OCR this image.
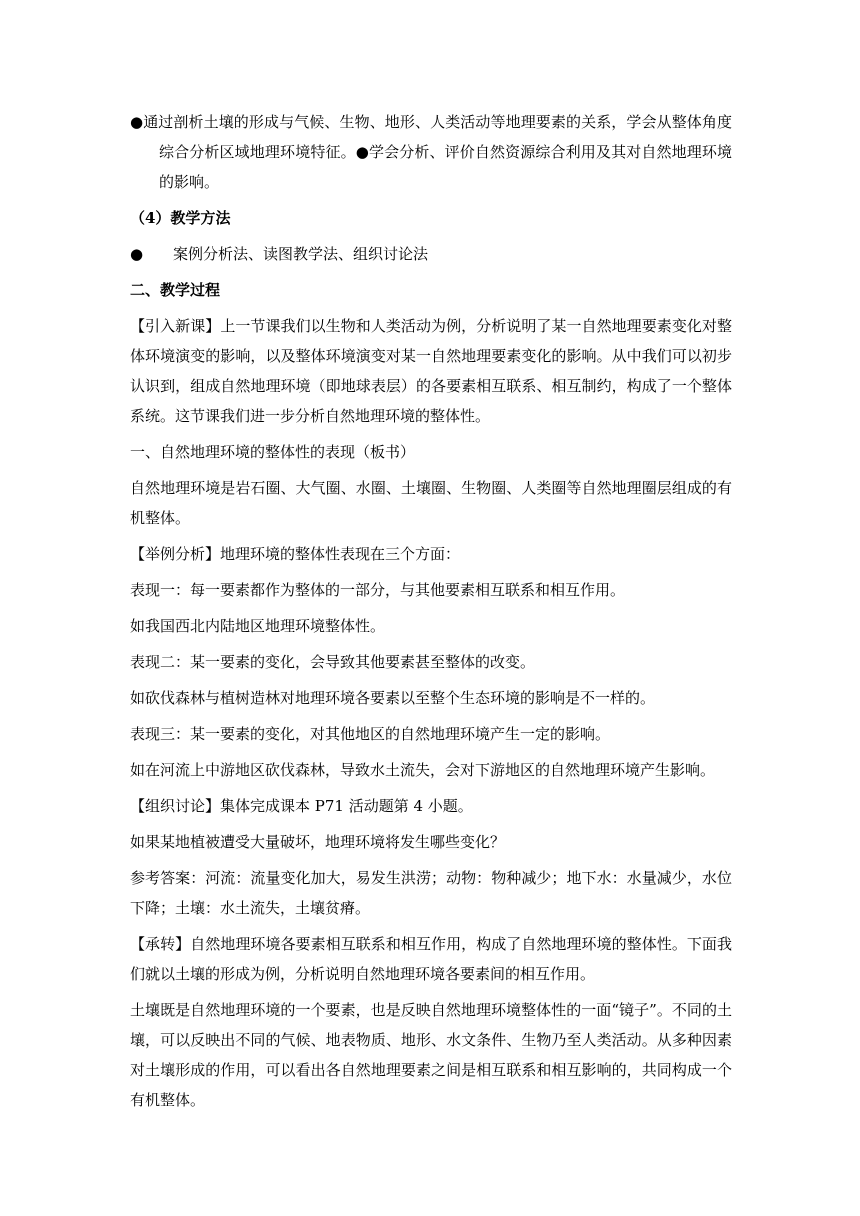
●通过剖析土壤的形成与气候、生物、地形、人类活动等地理要素的关系，学会从整体角度综合分析区域地理环境特征。●学会分析、评价自然资源综合利用及其对自然地理环境的影响。

（4）教学方法

●	案例分析法、读图教学法、组织讨论法

二、教学过程

【引入新课】上一节课我们以生物和人类活动为例，分析说明了某一自然地理要素变化对整体环境演变的影响，以及整体环境演变对某一自然地理要素变化的影响。从中我们可以初步认识到，组成自然地理环境（即地球表层）的各要素相互联系、相互制约，构成了一个整体系统。这节课我们进一步分析自然地理环境的整体性。

一、自然地理环境的整体性的表现（板书）

自然地理环境是岩石圈、大气圈、水圈、土壤圈、生物圈、人类圈等自然地理圈层组成的有机整体。

【举例分析】地理环境的整体性表现在三个方面：

表现一：每一要素都作为整体的一部分，与其他要素相互联系和相互作用。

如我国西北内陆地区地理环境整体性。

表现二：某一要素的变化，会导致其他要素甚至整体的改变。

如砍伐森林与植树造林对地理环境各要素以至整个生态环境的影响是不一样的。

表现三：某一要素的变化，对其他地区的自然地理环境产生一定的影响。

如在河流上中游地区砍伐森林，导致水土流失，会对下游地区的自然地理环境产生影响。

【组织讨论】集体完成课本 P71 活动题第 4 小题。

如果某地植被遭受大量破坏，地理环境将发生哪些变化？

参考答案：河流：流量变化加大，易发生洪涝；动物：物种减少；地下水：水量减少，水位下降；土壤：水土流失，土壤贫瘠。

【承转】自然地理环境各要素相互联系和相互作用，构成了自然地理环境的整体性。下面我们就以土壤的形成为例，分析说明自然地理环境各要素间的相互作用。

土壤既是自然地理环境的一个要素，也是反映自然地理环境整体性的一面“镜子”。不同的土壤，可以反映出不同的气候、地表物质、地形、水文条件、生物乃至人类活动。从多种因素对土壤形成的作用，可以看出各自然地理要素之间是相互联系和相互影响的，共同构成一个有机整体。
